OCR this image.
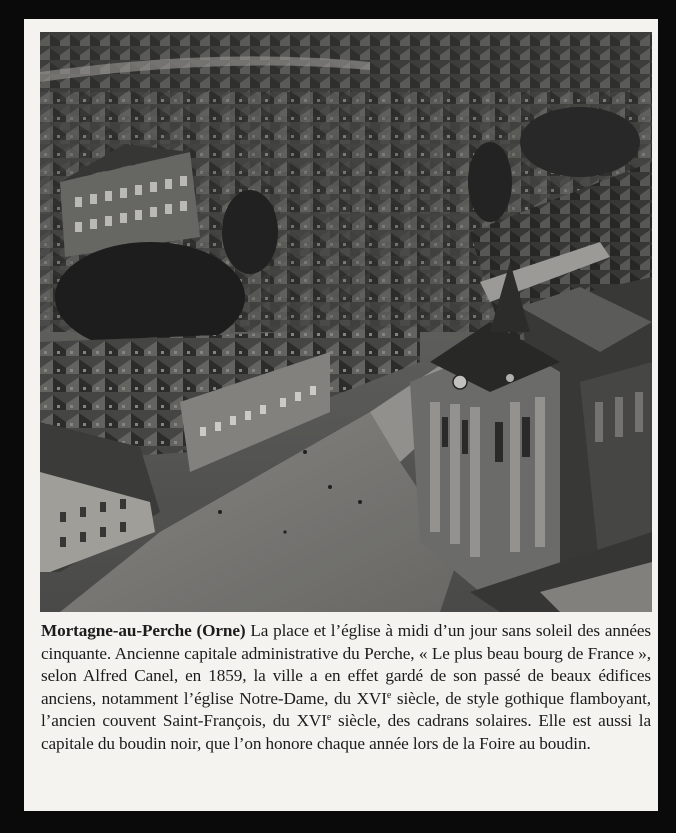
Mortagne-au-Perche (Orne) La place et l’église à midi d’un jour sans soleil des années cinquante. Ancienne capitale administrative du Perche, « Le plus beau bourg de France », selon Alfred Canel, en 1859, la ville a en effet gardé de son passé de beaux édifices anciens, notamment l’église Notre-Dame, du XVIe siècle, de style gothique flamboyant, l’ancien couvent Saint-François, du XVIe siècle, des cadrans solaires. Elle est aussi la capitale du boudin noir, que l’on honore chaque année lors de la Foire au boudin.
